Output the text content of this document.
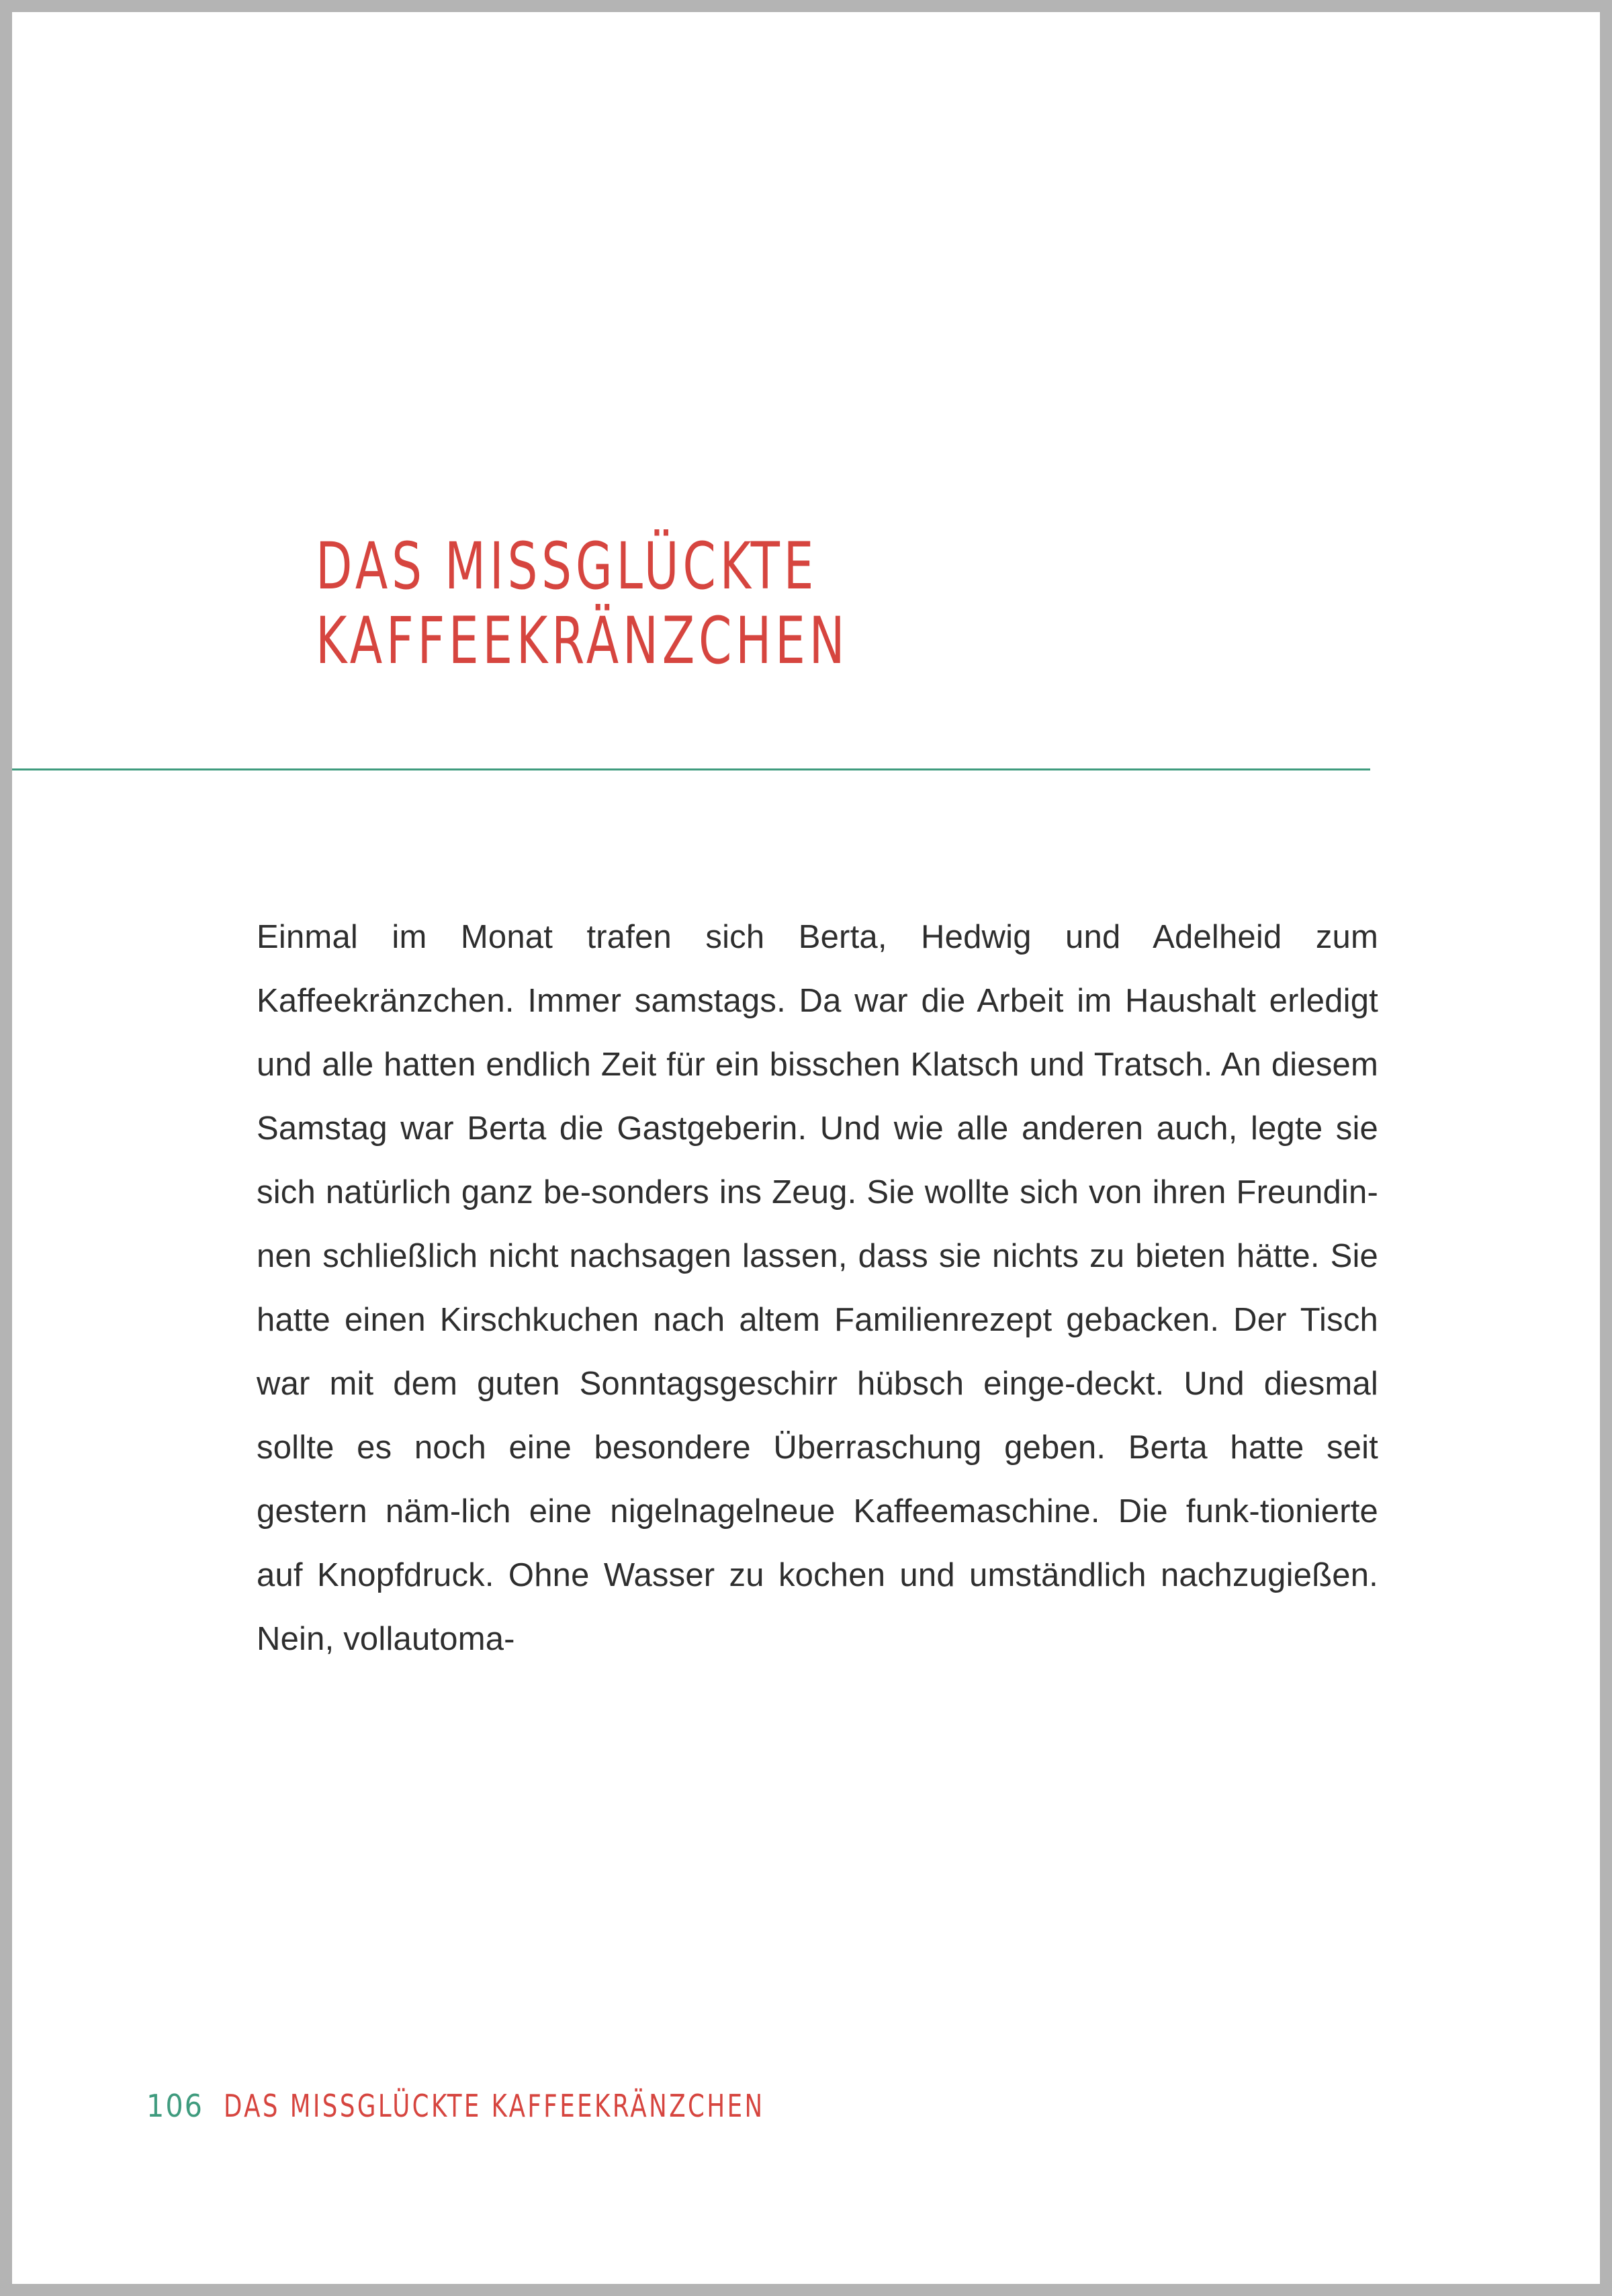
DAS MISSGLÜCKTE
KAFFEEKRÄNZCHEN

Einmal im Monat trafen sich Berta, Hedwig und Adelheid zum Kaffeekränzchen. Immer samstags. Da war die Arbeit im Haushalt erledigt und alle hatten endlich Zeit für ein bisschen Klatsch und Tratsch. An diesem Samstag war Berta die Gastgeberin. Und wie alle anderen auch, legte sie sich natürlich ganz be-sonders ins Zeug. Sie wollte sich von ihren Freundin-nen schließlich nicht nachsagen lassen, dass sie nichts zu bieten hätte. Sie hatte einen Kirschkuchen nach altem Familienrezept gebacken. Der Tisch war mit dem guten Sonntagsgeschirr hübsch einge-deckt. Und diesmal sollte es noch eine besondere Überraschung geben. Berta hatte seit gestern näm-lich eine nigelnagelneue Kaffeemaschine. Die funk-tionierte auf Knopfdruck. Ohne Wasser zu kochen und umständlich nachzugießen. Nein, vollautoma-

106 DAS MISSGLÜCKTE KAFFEEKRÄNZCHEN
